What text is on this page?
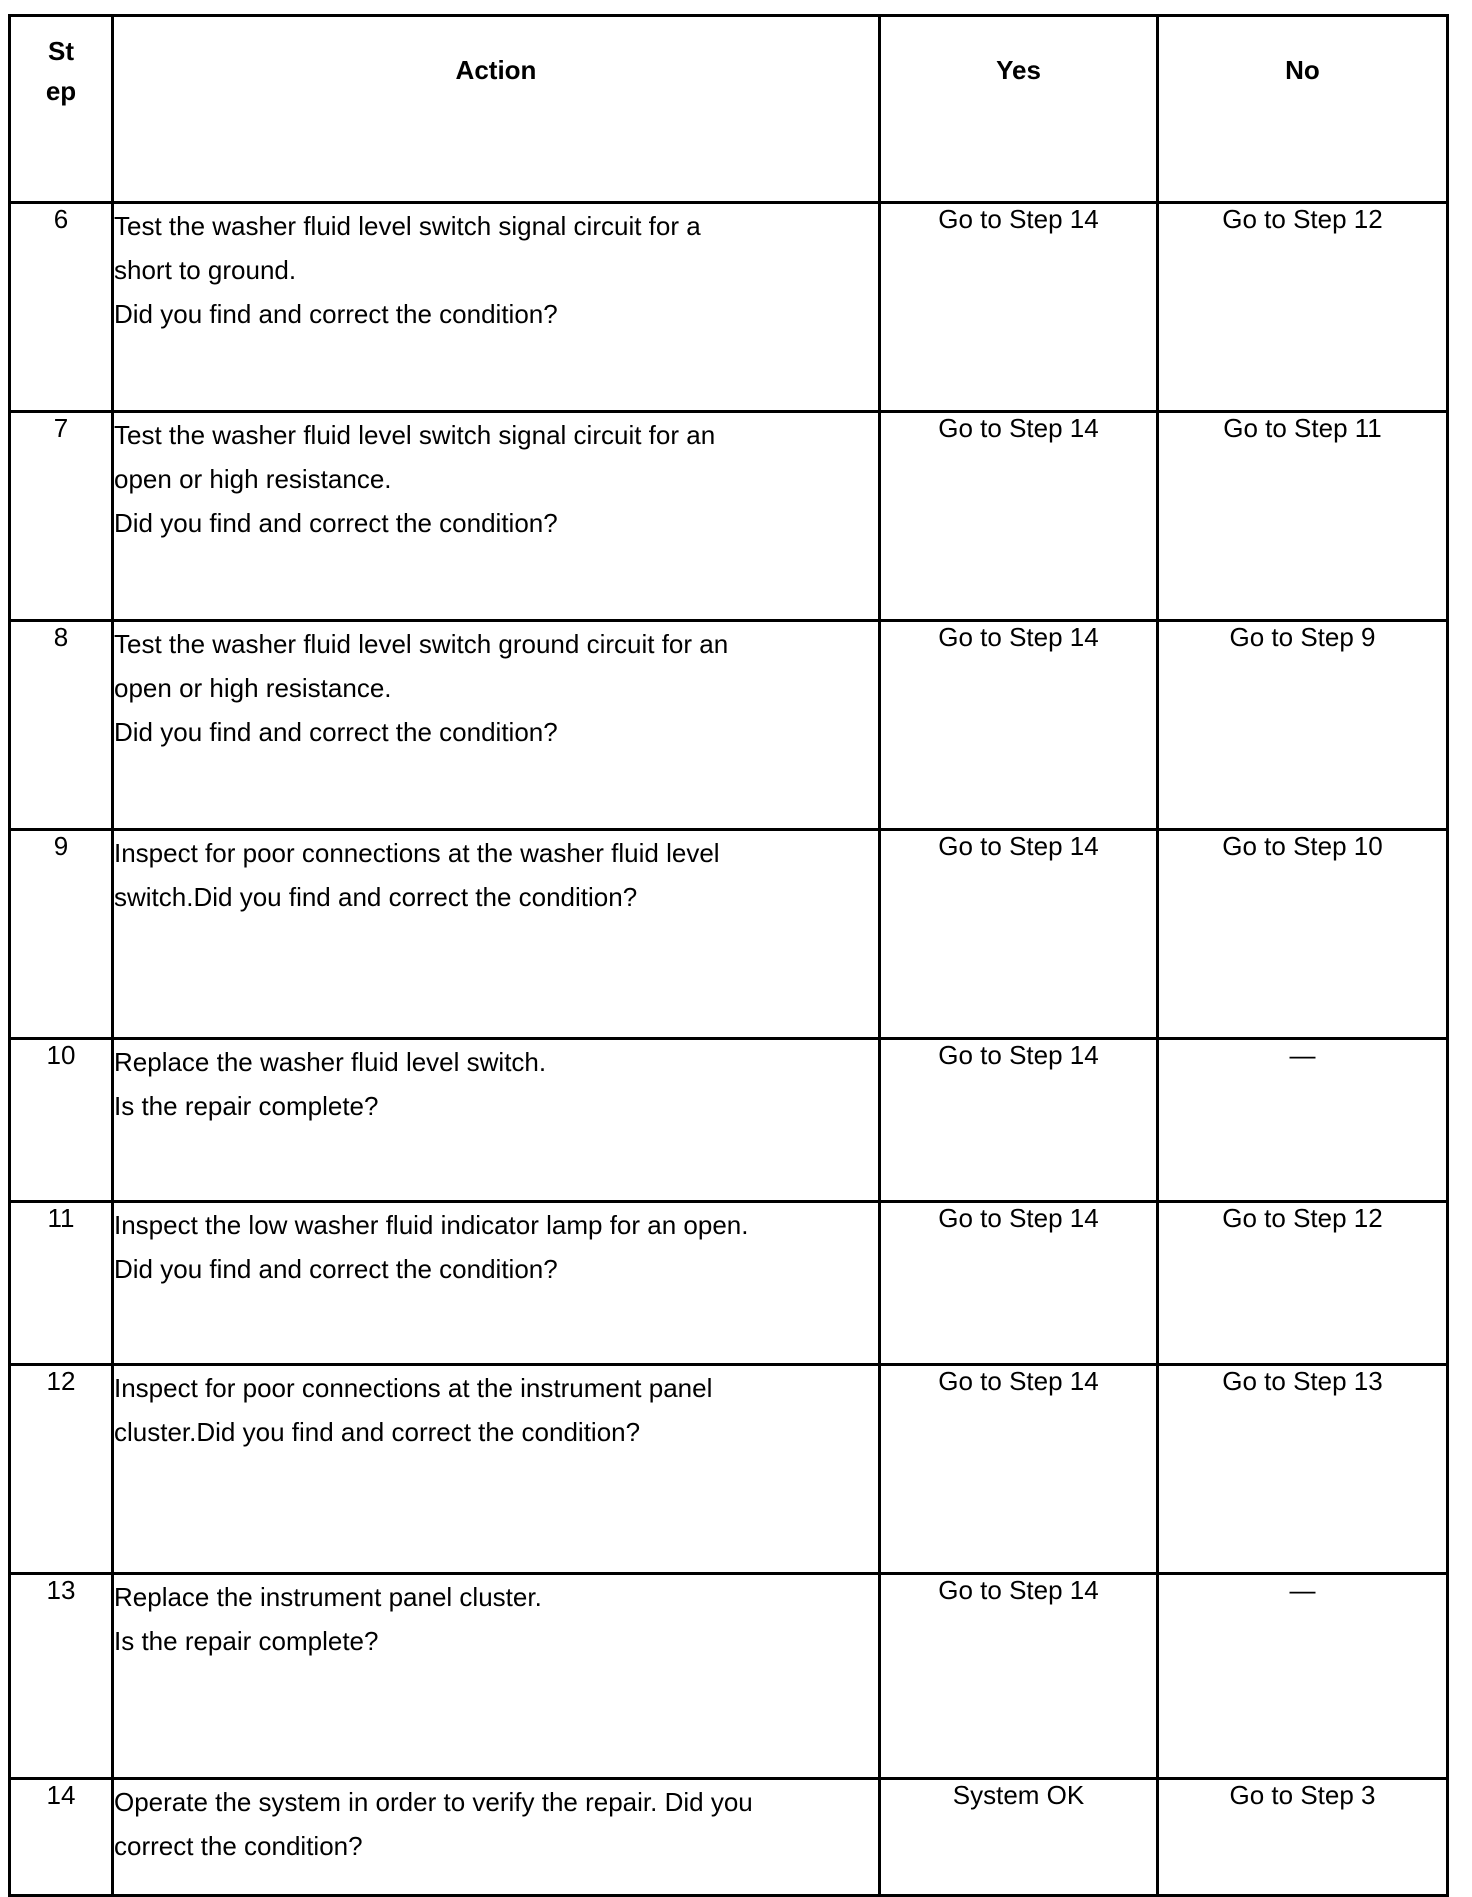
St
ep	Action	Yes	No
6	Test the washer fluid level switch signal circuit for a
short to ground.
Did you find and correct the condition?	Go to Step 14	Go to Step 12
7	Test the washer fluid level switch signal circuit for an
open or high resistance.
Did you find and correct the condition?	Go to Step 14	Go to Step 11
8	Test the washer fluid level switch ground circuit for an
open or high resistance.
Did you find and correct the condition?	Go to Step 14	Go to Step 9
9	Inspect for poor connections at the washer fluid level
switch.Did you find and correct the condition?	Go to Step 14	Go to Step 10
10	Replace the washer fluid level switch.
Is the repair complete?	Go to Step 14	—
11	Inspect the low washer fluid indicator lamp for an open.
Did you find and correct the condition?	Go to Step 14	Go to Step 12
12	Inspect for poor connections at the instrument panel
cluster.Did you find and correct the condition?	Go to Step 14	Go to Step 13
13	Replace the instrument panel cluster.
Is the repair complete?	Go to Step 14	—
14	Operate the system in order to verify the repair. Did you
correct the condition?	System OK	Go to Step 3
